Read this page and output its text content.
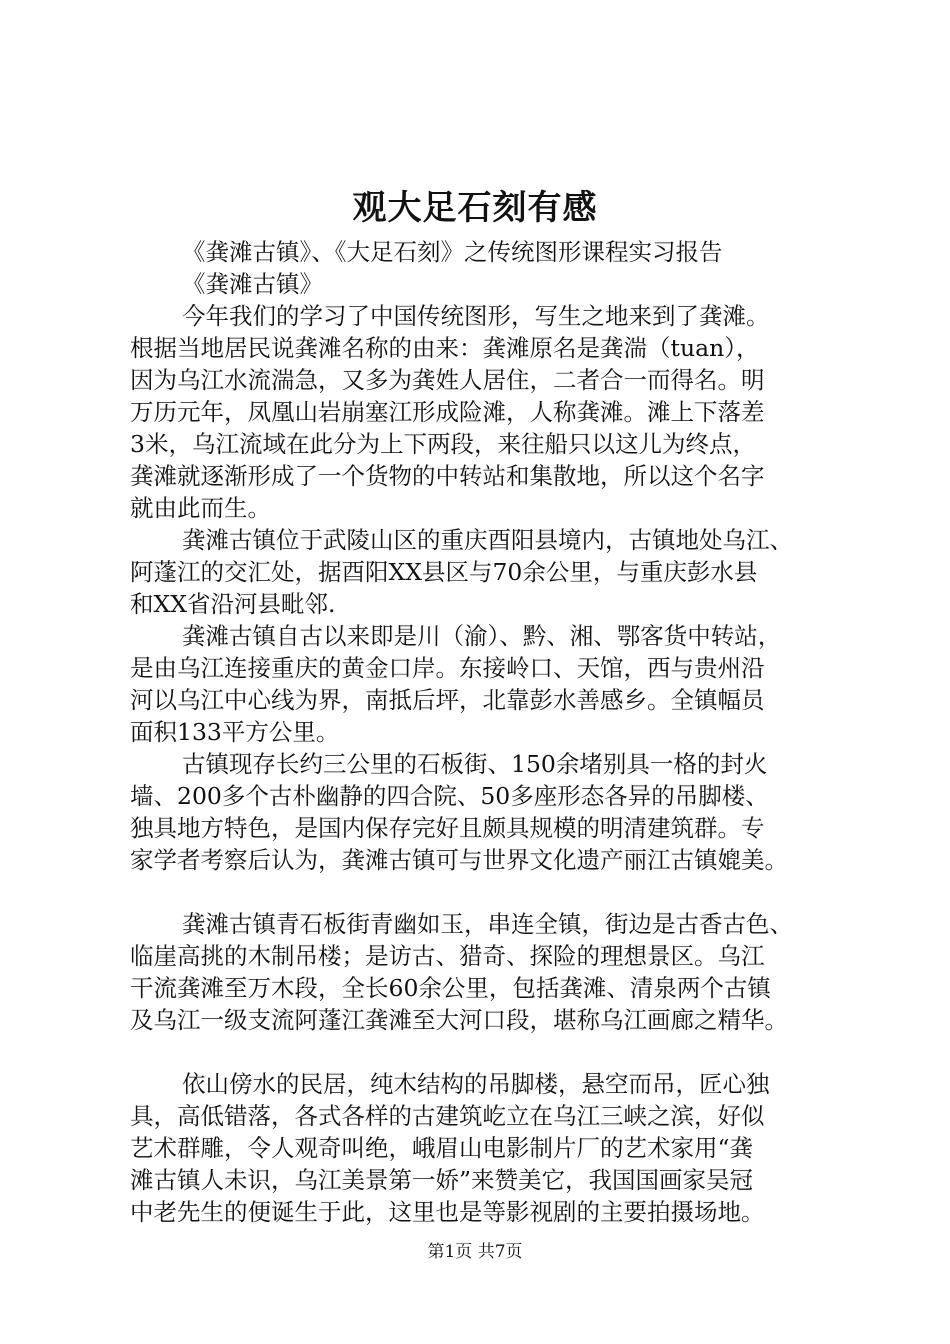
观大足石刻有感
《龚滩古镇》、《大足石刻》之传统图形课程实习报告
《龚滩古镇》
今年我们的学习了中国传统图形，写生之地来到了龚滩。
根据当地居民说龚滩名称的由来：龚滩原名是龚湍（tuan），
因为乌江水流湍急，又多为龚姓人居住，二者合一而得名。明
万历元年，凤凰山岩崩塞江形成险滩，人称龚滩。滩上下落差
3米，乌江流域在此分为上下两段，来往船只以这儿为终点，
龚滩就逐渐形成了一个货物的中转站和集散地，所以这个名字
就由此而生。
龚滩古镇位于武陵山区的重庆酉阳县境内，古镇地处乌江、
阿蓬江的交汇处，据酉阳XX县区与70余公里，与重庆彭水县
和XX省沿河县毗邻.
龚滩古镇自古以来即是川（渝）、黔、湘、鄂客货中转站，
是由乌江连接重庆的黄金口岸。东接岭口、天馆，西与贵州沿
河以乌江中心线为界，南抵后坪，北靠彭水善感乡。全镇幅员
面积133平方公里。
古镇现存长约三公里的石板街、150余堵别具一格的封火
墙、200多个古朴幽静的四合院、50多座形态各异的吊脚楼、
独具地方特色，是国内保存完好且颇具规模的明清建筑群。专
家学者考察后认为，龚滩古镇可与世界文化遗产丽江古镇媲美。
龚滩古镇青石板街青幽如玉，串连全镇，街边是古香古色、
临崖高挑的木制吊楼；是访古、猎奇、探险的理想景区。乌江
干流龚滩至万木段，全长60余公里，包括龚滩、清泉两个古镇
及乌江一级支流阿蓬江龚滩至大河口段，堪称乌江画廊之精华。
依山傍水的民居，纯木结构的吊脚楼，悬空而吊，匠心独
具，高低错落，各式各样的古建筑屹立在乌江三峡之滨，好似
艺术群雕，令人观奇叫绝，峨眉山电影制片厂的艺术家用“龚
滩古镇人未识，乌江美景第一娇”来赞美它，我国国画家吴冠
中老先生的便诞生于此，这里也是等影视剧的主要拍摄场地。
第1页 共7页
